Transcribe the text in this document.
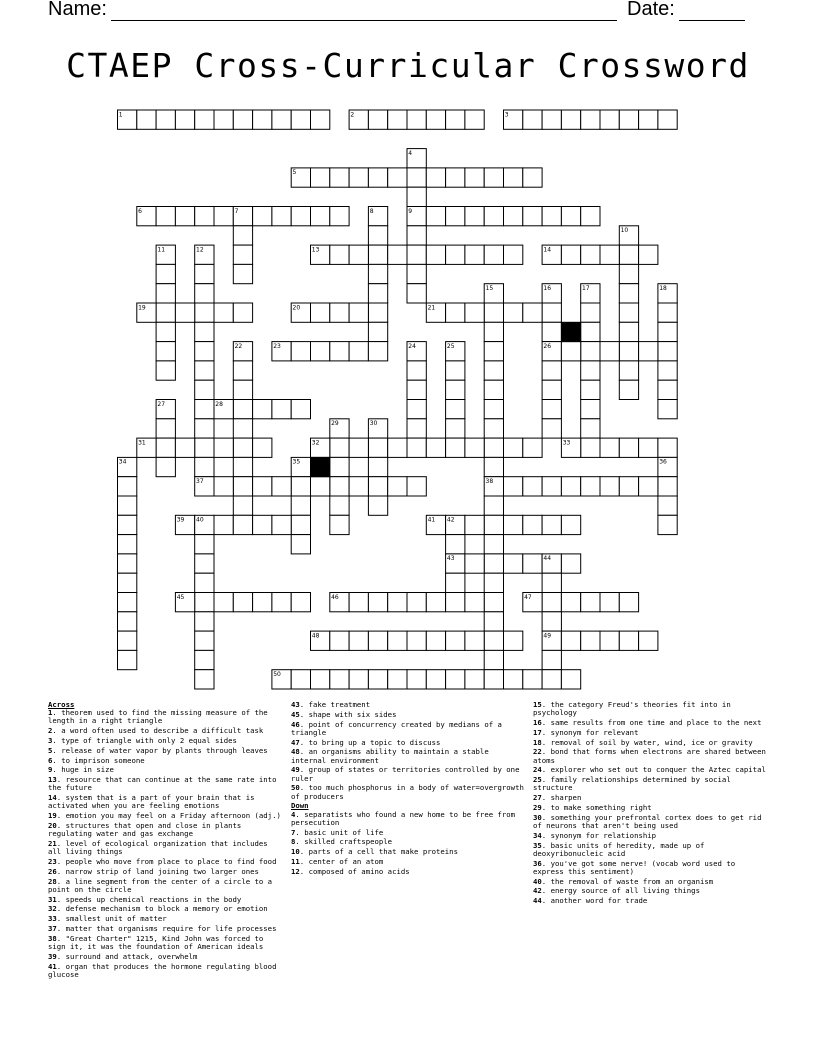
Name:	Date:
CTAEP Cross-Curricular Crossword
1	2	3
4
5
6	7	8	9
10
11	12	13	14
15	16	17	18
19	20	21
22	23	24	25	26
27	28
29	30
31	32	33
34	35	36
37	38
39 40	41 42
43	44
45	46	47
48	49
50
Across
1. theorem used to find the missing measure of the length in a right triangle
2. a word often used to describe a difficult task
3. type of triangle with only 2 equal sides
5. release of water vapor by plants through leaves
6. to imprison someone
9. huge in size
13. resource that can continue at the same rate into the future
14. system that is a part of your brain that is activated when you are feeling emotions
19. emotion you may feel on a Friday afternoon (adj.)
20. structures that open and close in plants regulating water and gas exchange
21. level of ecological organization that includes all living things
23. people who move from place to place to find food
26. narrow strip of land joining two larger ones
28. a line segment from the center of a circle to a point on the circle
31. speeds up chemical reactions in the body
32. defense mechanism to block a memory or emotion
33. smallest unit of matter
37. matter that organisms require for life processes
38. "Great Charter" 1215, Kind John was forced to sign it, it was the foundation of American ideals
39. surround and attack, overwhelm
41. organ that produces the hormone regulating blood glucose
43. fake treatment
45. shape with six sides
46. point of concurrency created by medians of a triangle
47. to bring up a topic to discuss
48. an organisms ability to maintain a stable internal environment
49. group of states or territories controlled by one ruler
50. too much phosphorus in a body of water=overgrowth of producers
Down
4. separatists who found a new home to be free from persecution
7. basic unit of life
8. skilled craftspeople
10. parts of a cell that make proteins
11. center of an atom
12. composed of amino acids
15. the category Freud's theories fit into in psychology
16. same results from one time and place to the next
17. synonym for relevant
18. removal of soil by water, wind, ice or gravity
22. bond that forms when electrons are shared between atoms
24. explorer who set out to conquer the Aztec capital
25. family relationships determined by social structure
27. sharpen
29. to make something right
30. something your prefrontal cortex does to get rid of neurons that aren't being used
34. synonym for relationship
35. basic units of heredity, made up of deoxyribonucleic acid
36. you've got some nerve! (vocab word used to express this sentiment)
40. the removal of waste from an organism
42. energy source of all living things
44. another word for trade
